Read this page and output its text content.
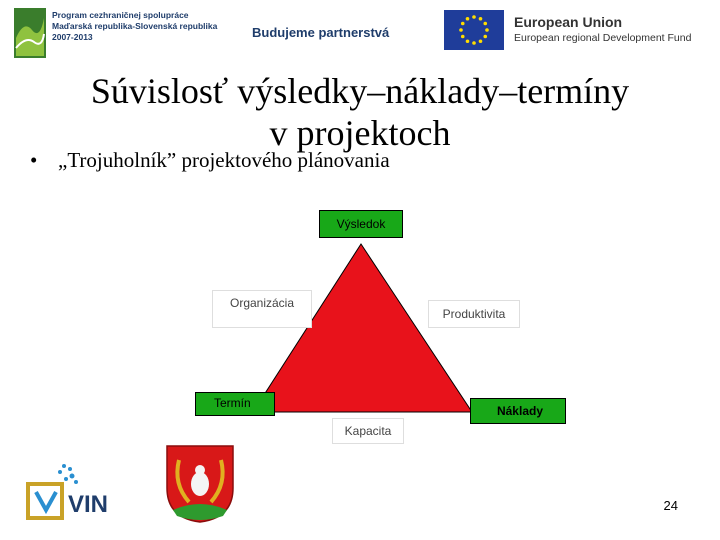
Program cezhraničnej spolupráce
Maďarská republika-Slovenská republika
2007-2013	Budujeme partnerstvá
European Union
European regional Development Fund
Súvislosť výsledky–náklady–termíny
v projektoch
• „Trojuholník” projektového plánovania
Výsledok
Organizácia
Produktivita
Termín
Náklady
Kapacita
VIN	24
